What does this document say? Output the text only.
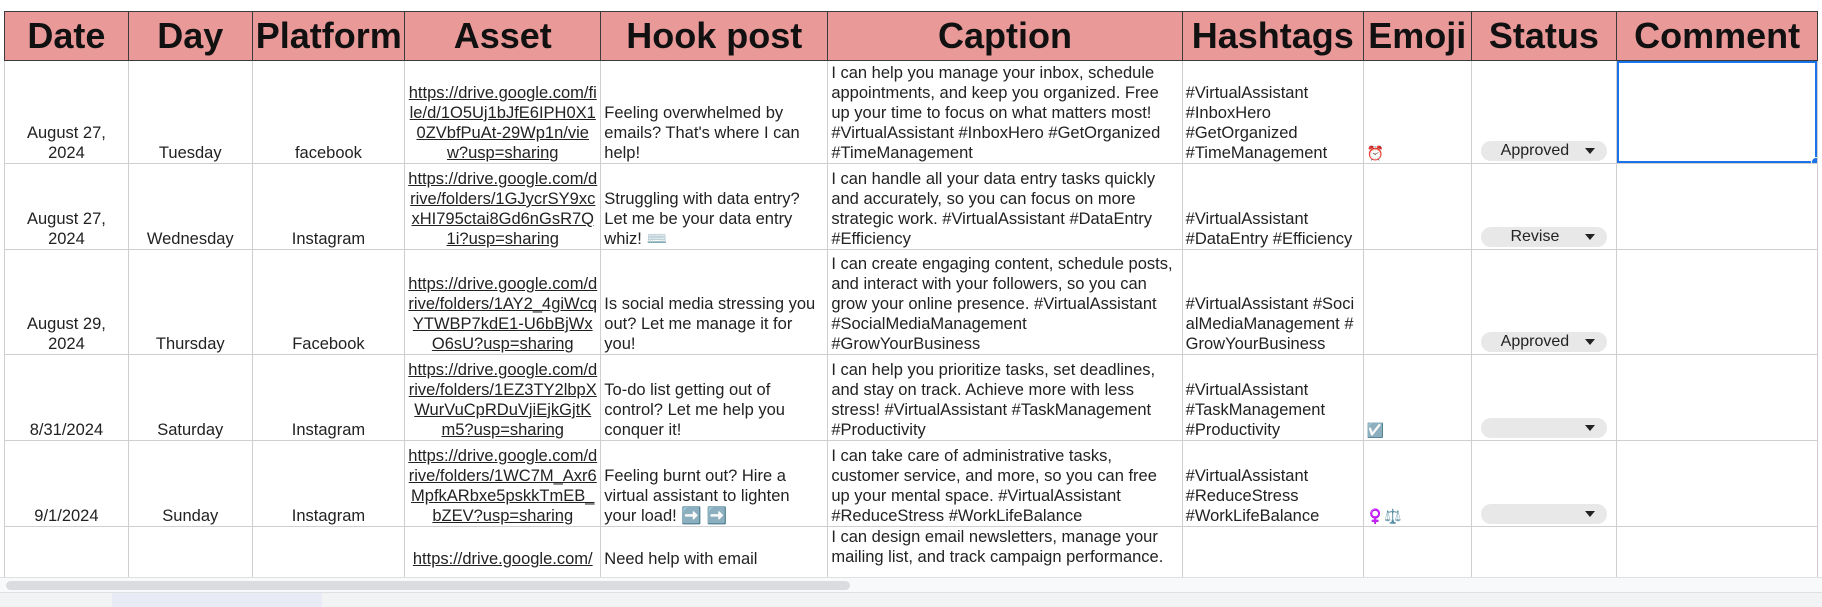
Date	Day	Platform	Asset	Hook post	Caption	Hashtags	Emoji	Status	Comment
August 27, 2024	Tuesday	facebook	https://drive.google.com/file/d/1O5Uj1bJfE6IPH0X10ZVbfPuAt-29Wp1n/view?usp=sharing	Feeling overwhelmed by emails? That's where I can help!	I can help you manage your inbox, schedule appointments, and keep you organized. Free up your time to focus on what matters most! #VirtualAssistant #InboxHero #GetOrganized #TimeManagement	#VirtualAssistant #InboxHero #GetOrganized #TimeManagement	⏰	Approved	

August 27, 2024	Wednesday	Instagram	https://drive.google.com/drive/folders/1GJycrSY9xcxHI795ctai8Gd6nGsR7Q1i?usp=sharing	Struggling with data entry? Let me be your data entry whiz! ⌨️	I can handle all your data entry tasks quickly and accurately, so you can focus on more strategic work. #VirtualAssistant #DataEntry #Efficiency	#VirtualAssistant #DataEntry #Efficiency		Revise	

August 29, 2024	Thursday	Facebook	https://drive.google.com/drive/folders/1AY2_4giWcqYTWBP7kdE1-U6bBjWxO6sU?usp=sharing	Is social media stressing you out? Let me manage it for you!	I can create engaging content, schedule posts, and interact with your followers, so you can grow your online presence. #VirtualAssistant #SocialMediaManagement #GrowYourBusiness	#VirtualAssistant #SocialMediaManagement #GrowYourBusiness		Approved	

8/31/2024	Saturday	Instagram	https://drive.google.com/drive/folders/1EZ3TY2lbpXWurVuCpRDuVjiEjkGjtKm5?usp=sharing	To-do list getting out of control? Let me help you conquer it!	I can help you prioritize tasks, set deadlines, and stay on track. Achieve more with less stress! #VirtualAssistant #TaskManagement #Productivity	#VirtualAssistant #TaskManagement #Productivity	☑️	

9/1/2024	Sunday	Instagram	https://drive.google.com/drive/folders/1WC7M_Axr6MpfkARbxe5pskkTmEB_bZEV?usp=sharing	Feeling burnt out? Hire a virtual assistant to lighten your load! ➡️ ➡️	I can take care of administrative tasks, customer service, and more, so you can free up your mental space. #VirtualAssistant #ReduceStress #WorkLifeBalance	#VirtualAssistant #ReduceStress #WorkLifeBalance	♀️⚖️	

			https://drive.google.com/	Need help with email	I can design email newsletters, manage your mailing list, and track campaign performance.				
